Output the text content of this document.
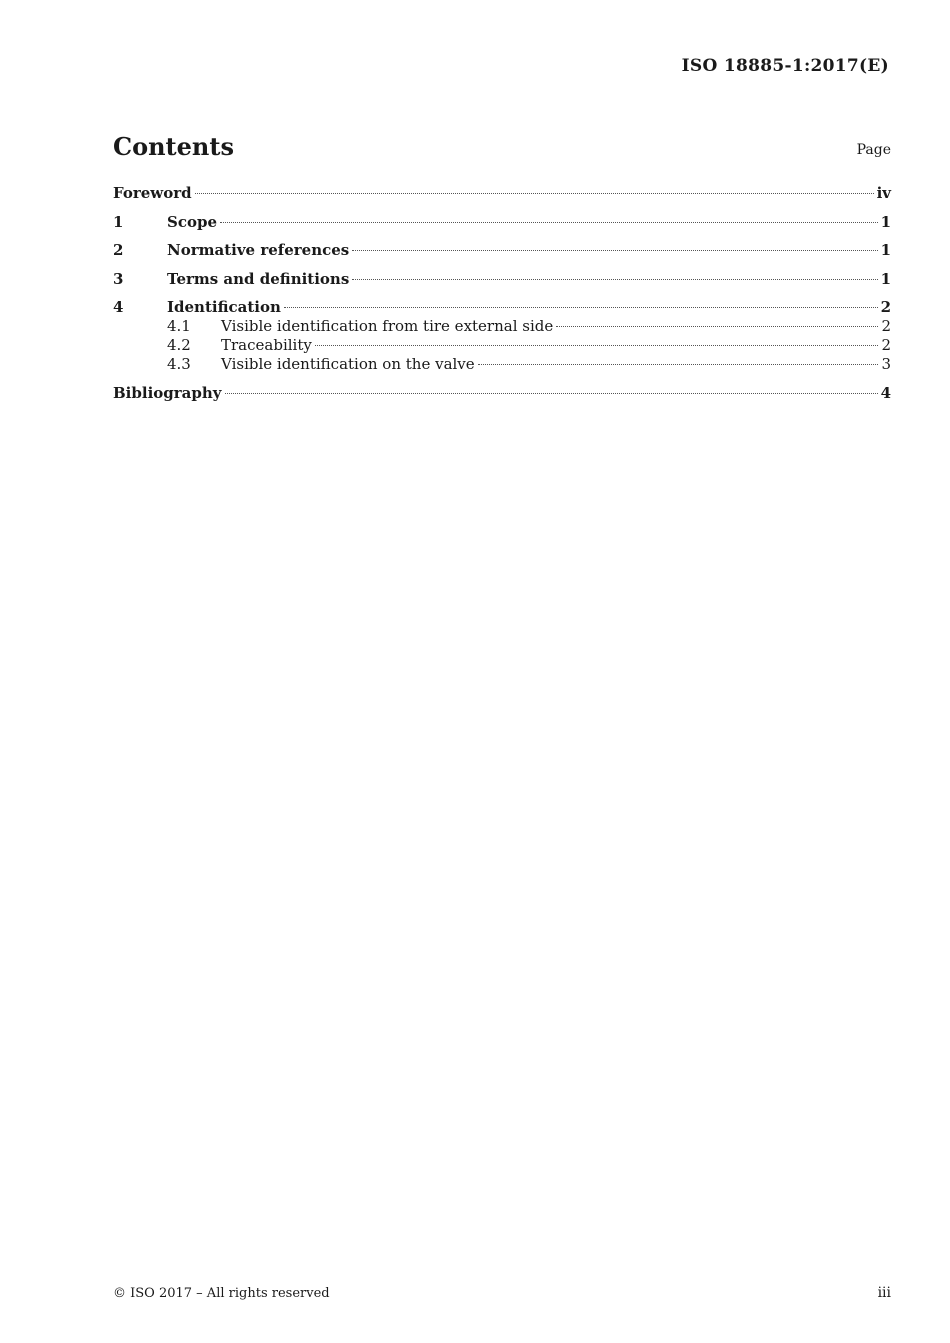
ISO 18885-1:2017(E)
Contents	Page
Foreword	iv
1	Scope	1
2	Normative references	1
3	Terms and definitions	1
4	Identification	2
4.1	Visible identification from tire external side	2
4.2	Traceability	2
4.3	Visible identification on the valve	3
Bibliography	4
© ISO 2017 – All rights reserved	iii
